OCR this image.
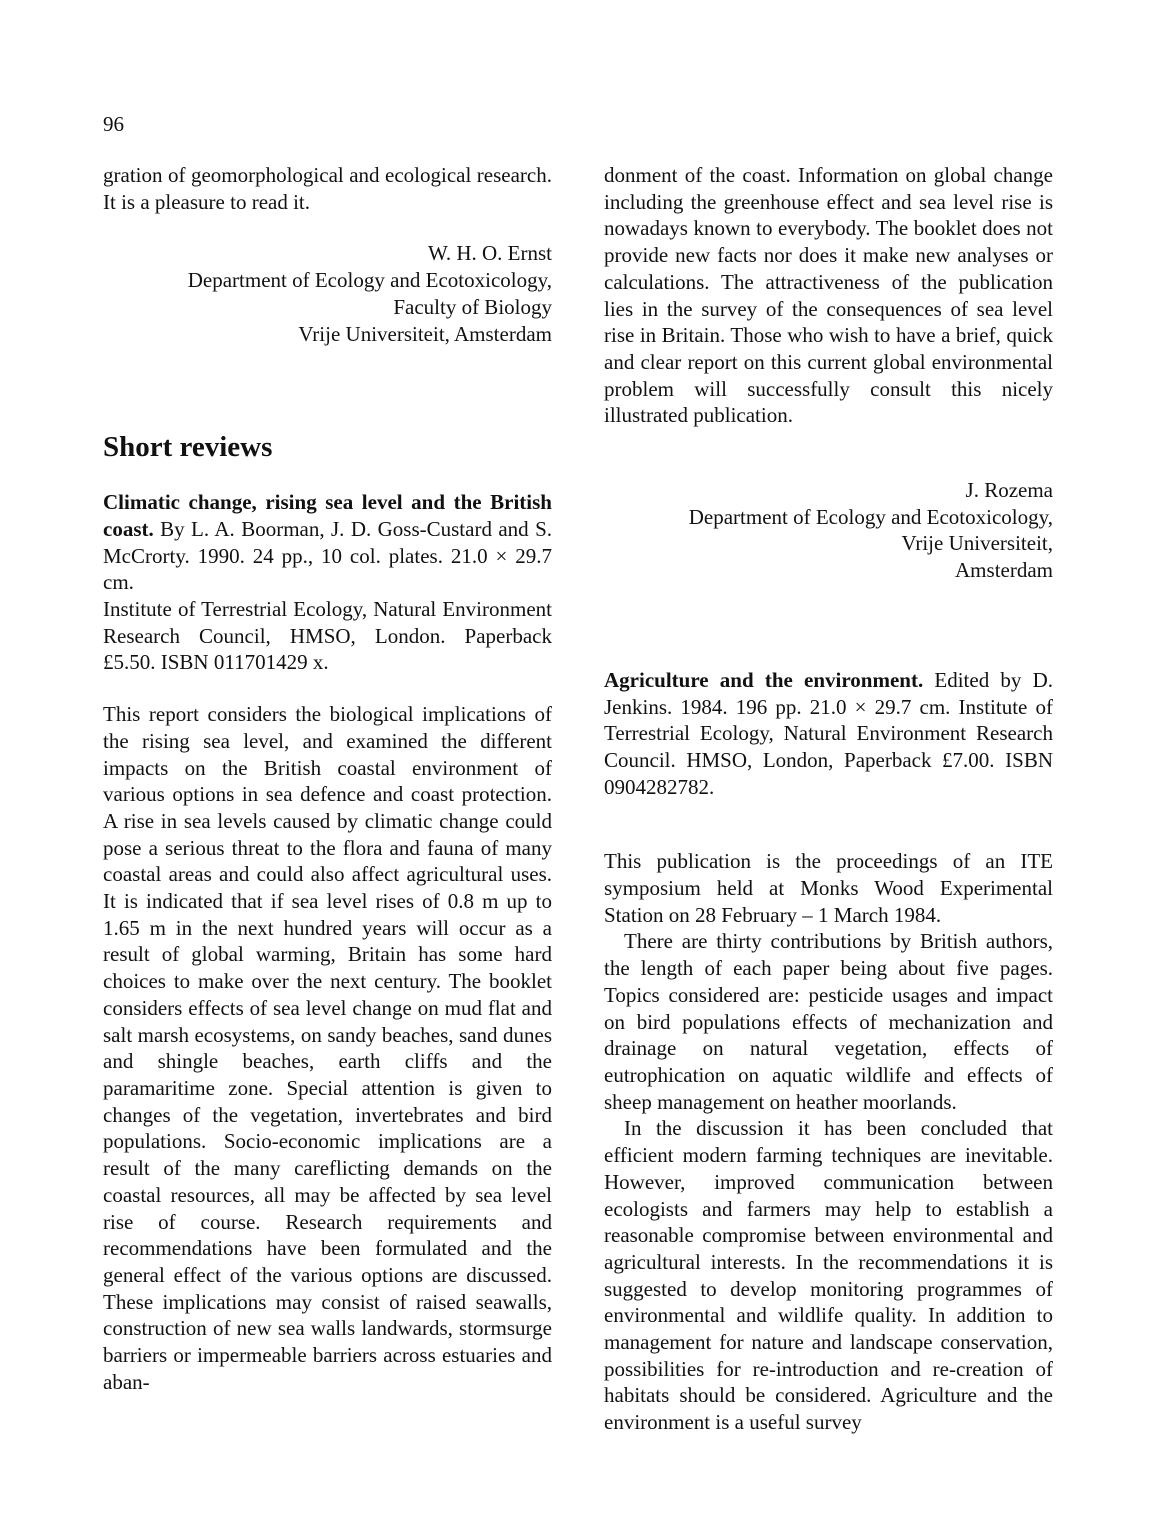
96

gration of geomorphological and ecological research. It is a pleasure to read it.

W. H. O. Ernst
Department of Ecology and Ecotoxicology,
Faculty of Biology
Vrije Universiteit, Amsterdam
Short reviews

Climatic change, rising sea level and the British coast. By L. A. Boorman, J. D. Goss-Custard and S. McCrorty. 1990. 24 pp., 10 col. plates. 21.0 × 29.7 cm.

Institute of Terrestrial Ecology, Natural Environment Research Council, HMSO, London. Paperback £5.50. ISBN 011701429 x.

This report considers the biological implications of the rising sea level, and examined the different impacts on the British coastal environment of various options in sea defence and coast protection. A rise in sea levels caused by climatic change could pose a serious threat to the flora and fauna of many coastal areas and could also affect agricultural uses. It is indicated that if sea level rises of 0.8 m up to 1.65 m in the next hundred years will occur as a result of global warming, Britain has some hard choices to make over the next century. The booklet considers effects of sea level change on mud flat and salt marsh ecosystems, on sandy beaches, sand dunes and shingle beaches, earth cliffs and the paramaritime zone. Special attention is given to changes of the vegetation, invertebrates and bird populations. Socio-economic implications are a result of the many careflicting demands on the coastal resources, all may be affected by sea level rise of course. Research requirements and recommendations have been formulated and the general effect of the various options are discussed. These implications may consist of raised seawalls, construction of new sea walls landwards, stormsurge barriers or impermeable barriers across estuaries and aban-

donment of the coast. Information on global change including the greenhouse effect and sea level rise is nowadays known to everybody. The booklet does not provide new facts nor does it make new analyses or calculations. The attractiveness of the publication lies in the survey of the consequences of sea level rise in Britain. Those who wish to have a brief, quick and clear report on this current global environmental problem will successfully consult this nicely illustrated publication.

J. Rozema
Department of Ecology and Ecotoxicology,
Vrije Universiteit,
Amsterdam

Agriculture and the environment. Edited by D. Jenkins. 1984. 196 pp. 21.0 × 29.7 cm. Institute of Terrestrial Ecology, Natural Environment Research Council. HMSO, London, Paperback £7.00. ISBN 0904282782.

This publication is the proceedings of an ITE symposium held at Monks Wood Experimental Station on 28 February – 1 March 1984.

There are thirty contributions by British authors, the length of each paper being about five pages. Topics considered are: pesticide usages and impact on bird populations effects of mechanization and drainage on natural vegetation, effects of eutrophication on aquatic wildlife and effects of sheep management on heather moorlands.

In the discussion it has been concluded that efficient modern farming techniques are inevitable. However, improved communication between ecologists and farmers may help to establish a reasonable compromise between environmental and agricultural interests. In the recommendations it is suggested to develop monitoring programmes of environmental and wildlife quality. In addition to management for nature and landscape conservation, possibilities for re-introduction and re-creation of habitats should be considered. Agriculture and the environment is a useful survey
